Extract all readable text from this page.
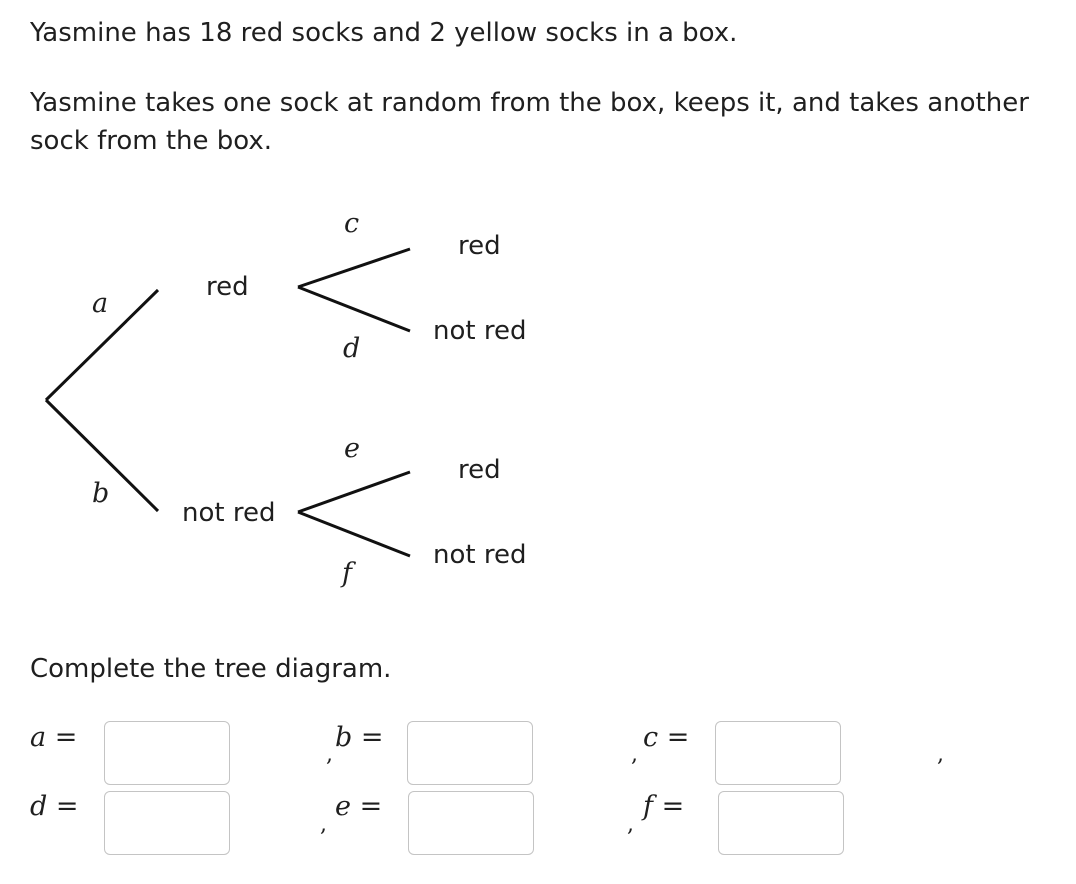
Yasmine has 18 red socks and 2 yellow socks in a box.

Yasmine takes one sock at random from the box, keeps it, and takes another sock from the box.

red
not red
red
not red
red
not red
a
b
c
d
e
f

Complete the tree diagram.

a =
,
b =
,
c =
,
d =
,
e =
,
f =
